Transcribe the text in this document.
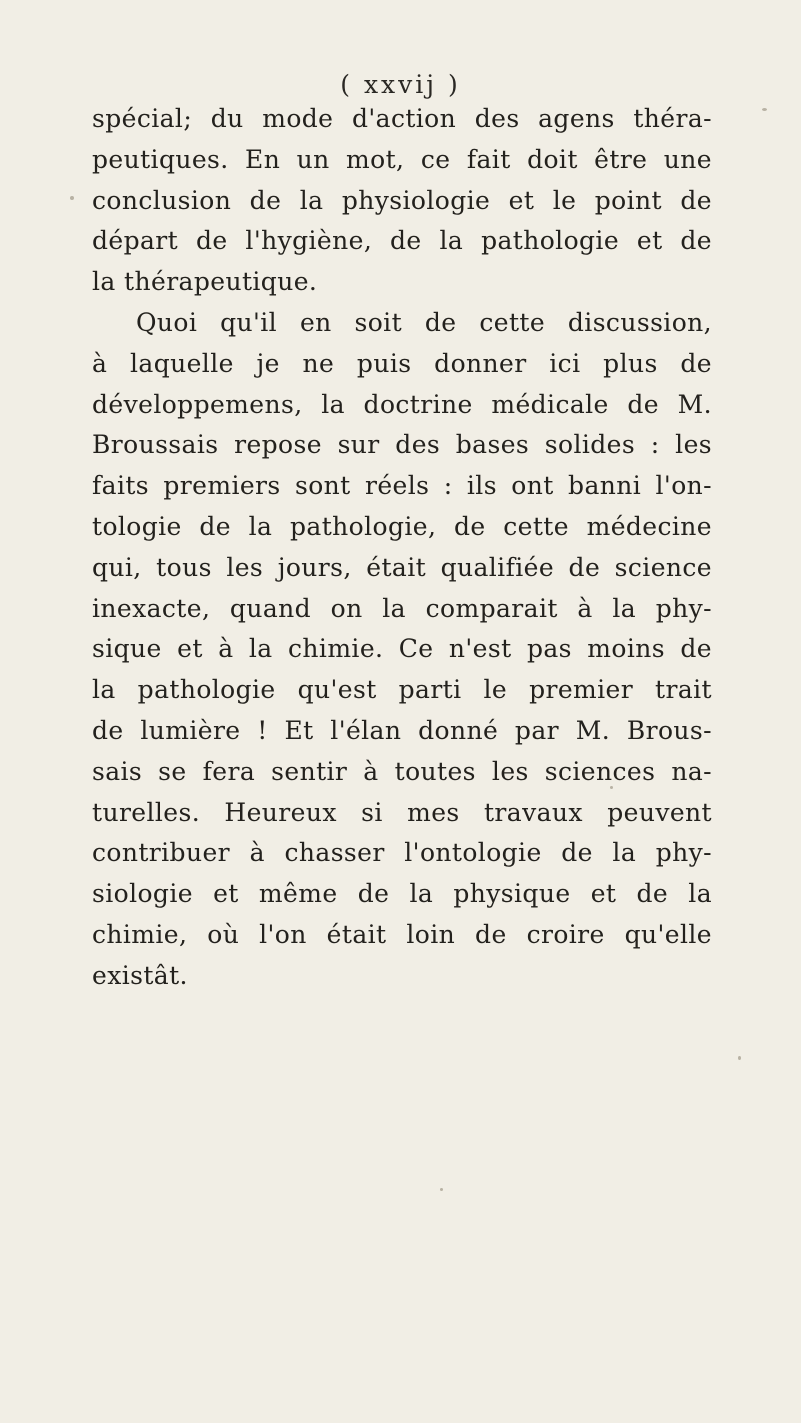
( xxvij )
spécial; du mode d'action des agens théra-
peutiques. En un mot, ce fait doit être une
conclusion de la physiologie et le point de
départ de l'hygiène, de la pathologie et de
la thérapeutique.
Quoi qu'il en soit de cette discussion,
à laquelle je ne puis donner ici plus de
développemens, la doctrine médicale de M.
Broussais repose sur des bases solides : les
faits premiers sont réels : ils ont banni l'on-
tologie de la pathologie, de cette médecine
qui, tous les jours, était qualifiée de science
inexacte, quand on la comparait à la phy-
sique et à la chimie. Ce n'est pas moins de
la pathologie qu'est parti le premier trait
de lumière ! Et l'élan donné par M. Brous-
sais se fera sentir à toutes les sciences na-
turelles. Heureux si mes travaux peuvent
contribuer à chasser l'ontologie de la phy-
siologie et même de la physique et de la
chimie, où l'on était loin de croire qu'elle
existât.
